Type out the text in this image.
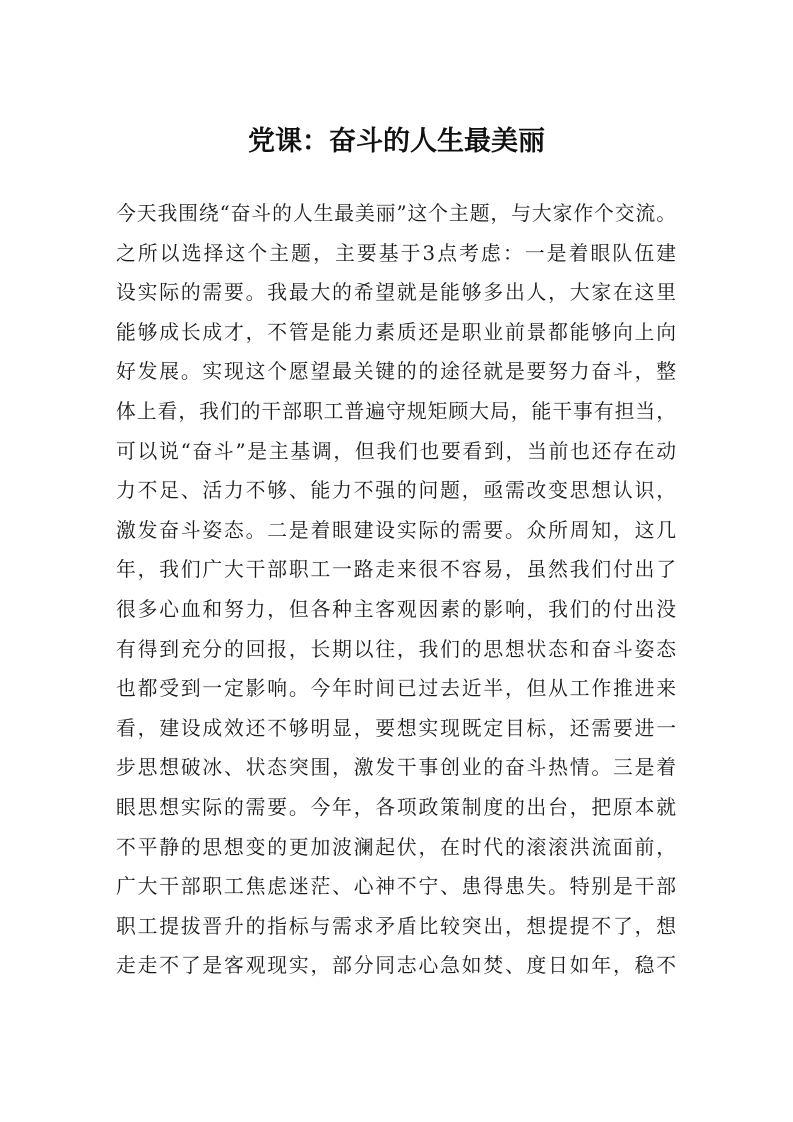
党课：奋斗的人生最美丽
今天我围绕“奋斗的人生最美丽”这个主题，与大家作个交流。
之所以选择这个主题，主要基于3点考虑：一是着眼队伍建
设实际的需要。我最大的希望就是能够多出人，大家在这里
能够成长成才，不管是能力素质还是职业前景都能够向上向
好发展。实现这个愿望最关键的的途径就是要努力奋斗，整
体上看，我们的干部职工普遍守规矩顾大局，能干事有担当，
可以说“奋斗”是主基调，但我们也要看到，当前也还存在动
力不足、活力不够、能力不强的问题，亟需改变思想认识，
激发奋斗姿态。二是着眼建设实际的需要。众所周知，这几
年，我们广大干部职工一路走来很不容易，虽然我们付出了
很多心血和努力，但各种主客观因素的影响，我们的付出没
有得到充分的回报，长期以往，我们的思想状态和奋斗姿态
也都受到一定影响。今年时间已过去近半，但从工作推进来
看，建设成效还不够明显，要想实现既定目标，还需要进一
步思想破冰、状态突围，激发干事创业的奋斗热情。三是着
眼思想实际的需要。今年，各项政策制度的出台，把原本就
不平静的思想变的更加波澜起伏，在时代的滚滚洪流面前，
广大干部职工焦虑迷茫、心神不宁、患得患失。特别是干部
职工提拔晋升的指标与需求矛盾比较突出，想提提不了，想
走走不了是客观现实，部分同志心急如焚、度日如年，稳不
